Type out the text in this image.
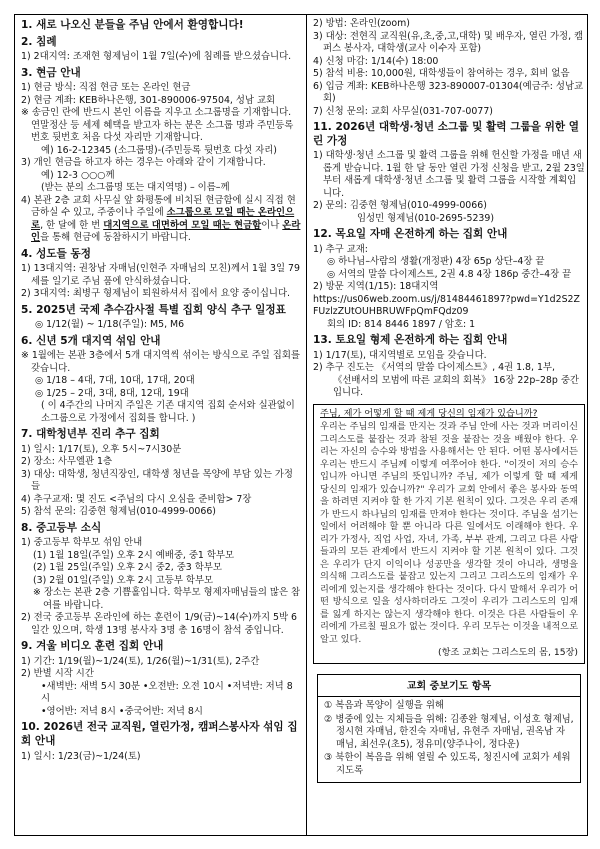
1. 새로 나오신 분들을 주님 안에서 환영합니다!
2. 침례
1) 2대지역: 조재현 형제님이 1월 7일(수)에 침례를 받으셨습니다.
3. 현금 안내
1) 현금 방식: 직접 현금 또는 온라인 현금
2) 현금 계좌: KEB하나은행, 301-890006-97504, 성남 교회
※ 송금인 란에 반드시 본인 이름을 지우고 소그룹명을 기재합니다. 연말정산 등 세제 혜택을 받고자 하는 분은 소그룹 명과 주민등록번호 뒷번호 처음 다섯 자리만 기재합니다.
예) 16-2-12345 (소그룹명)-(주민등록 뒷번호 다섯 자리)
3) 개인 현금을 하고자 하는 경우는 아래와 같이 기재합니다.
예) 12-3 ○○○께
(받는 분의 소그룹명 또는 대지역명) – 이름–께
4) 본관 2층 교회 사무실 앞 화평통에 비치된 현금함에 실시 직접 현금하실 수 있고, 주중이나 주일에 소그룹으로 모일 때는 온라인으로, 한 달에 한 번 대지역으로 대면하여 모일 때는 현금함이나 온라인을 통해 현금에 동참하시기 바랍니다.
4. 성도들 동정
1) 13대지역: 권창남 자매님(인현주 자매님의 모친)께서 1월 3일 79세를 일기로 주님 품에 안식하셨습니다.
2) 3대지역: 최병구 형제님이 퇴원하셔서 집에서 요양 중이십니다.
5. 2025년 국제 추수감사절 특별 집회 양식 추구 일정표
◎ 1/12(월) ~ 1/18(주일): M5, M6
6. 신년 5개 대지역 섞임 안내
※ 1월에는 본관 3층에서 5개 대지역씩 섞이는 방식으로 주일 집회를 갖습니다.
◎ 1/18 – 4대, 7대, 10대, 17대, 20대
◎ 1/25 – 2대, 3대, 8대, 12대, 19대
( 이 4주간의 나머지 주일은 기존 대지역 집회 순서와 실관없이 소그룹으로 가정에서 집회를 합니다. )
7. 대학청년부 진리 추구 집회
1) 일시: 1/17(토), 오후 5시~7시30분
2) 장소: 사무엘관 1층
3) 대상: 대학생, 청년직장인, 대학생 청년을 목양에 부담 있는 가정들
4) 추구교재: 몇 진도 <주님의 다시 오심을 준비함> 7장
5) 참석 문의: 김중현 형제님(010-4999-0066)
8. 중고등부 소식
1) 중고등부 학부모 섞임 안내
(1) 1월 18일(주일) 오후 2시 예배중, 중1 학부모
(2) 1월 25일(주일) 오후 2시 중2, 중3 학부모
(3) 2월 01일(주일) 오후 2시 고등부 학부모
※ 장소는 본관 2층 기쁨홀입니다. 학부모 형제자매님들의 많은 참여를 바랍니다.
2) 전국 중고등부 온라인에 하는 훈련이 1/9(금)~14(수)까지 5박 6일간 있으며, 학생 13명 봉사자 3명 총 16명이 참석 중입니다.
9. 겨울 비디오 훈련 집회 안내
1) 기간: 1/19(월)~1/24(토), 1/26(월)~1/31(토), 2주간
2) 반별 시작 시간
•새벽반: 새벽 5시 30분 •오전반: 오전 10시 •저녁반: 저녁 8시
•영어반: 저녁 8시 •중국어반: 저녁 8시
10. 2026년 전국 교직원, 열린가정, 캠퍼스봉사자 섞임 집회 안내
1) 일시: 1/23(금)~1/24(토)
2) 방법: 온라인(zoom)
3) 대상: 전현직 교직원(유,초,중,고,대학) 및 배우자, 열린 가정, 캠퍼스 봉사자, 대학생(교사 이수자 포함)
4) 신청 마감: 1/14(수) 18:00
5) 참석 비용: 10,000원, 대학생들이 참여하는 경우, 회비 없음
6) 입금 계좌: KEB하나은행 323-890007-01304(예금주: 성남교회)
7) 신청 문의: 교회 사무실(031-707-0077)
11. 2026년 대학생·청년 소그룹 및 활력 그룹을 위한 열린 가정
1) 대학생·청년 소그룹 및 활력 그룹을 위해 헌신할 가정을 매년 새롭게 받습니다. 1월 한 달 동안 열린 가정 신청을 받고, 2월 23일부터 새롭게 대학생·청년 소그룹 및 활력 그룹을 시작할 계획입니다.
2) 문의: 김중현 형제님(010-4999-0066)
임성민 형제님(010-2695-5239)
12. 목요일 자매 온전하게 하는 집회 안내
1) 추구 교재:
◎ 하나님–사람의 생활(개정판) 4장 65p 상단–4장 끝
◎ 서역의 말씀 다이제스트, 2권 4.8 4장 186p 중간–4장 끝
2) 방문 지역(1/15): 18대지역
https://us06web.zoom.us/j/81484461897?pwd=Y1d2S2ZFUzlzZUtOUHBRUWFpQmFQdz09
회의 ID: 814 8446 1897 / 암호: 1
13. 토요일 형제 온전하게 하는 집회 안내
1) 1/17(토), 대지역별로 모임을 갖습니다.
2) 추구 진도는 《서역의 말씀 다이제스트》, 4권 1.8, 1부,
《선배서의 모범에 따른 교회의 회복》 16장 22p–28p 중간입니다.
주님, 제가 어떻게 할 때 제게 당신의 임재가 있습니까?
우리는 주님의 임재를 만지는 것과 주님 안에 사는 것과 머리이신 그리스도를 붙잡는 것과 참된 것을 붙잡는 것을 배웠야 한다. 우리는 자신의 승수와 방법을 사용해서는 안 된다. 어떤 봉사에서든 우리는 반드시 주님께 이렇게 여쭈어야 한다. "이것이 저의 승수입니까 아니면 주님의 뜻입니까? 주님, 제가 이렇게 할 때 제게 당신의 임재가 있습니까?" 우리가 교회 안에서 좋은 봉사와 동역을 하려면 지켜야 할 한 가지 기본 원칙이 있다. 그것은 우리 존재가 반드시 하나님의 임재를 만져야 한다는 것이다. 주님을 섬기는 일에서 어려해야 할 뿐 아니라 다른 일에서도 이래해야 한다. 우리가 가정사, 직업 사업, 자녀, 가족, 부부 관계, 그리고 다른 사람들과의 모든 관계에서 반드시 지켜야 할 기본 원칙이 있다. 그것은 우리가 단지 이익이나 성공만을 생각할 것이 아니라, 생명을 의식해 그리스도를 붙잡고 있는지 그리고 그리스도의 임재가 우리에게 있는지를 생각해야 한다는 것이다. 다시 말해서 우리가 어떤 방식으로 일을 성사하더라도 그것이 우리가 그리스도의 임재를 잃게 하지는 않는지 생각해야 한다. 이것은 다른 사람들이 우리에게 가르칠 필요가 없는 것이다. 우리 모두는 이것을 내적으로 알고 있다.
(항조 교회는 그리스도의 몸, 15장)
교회 중보기도 항목
① 복음과 목양이 실행을 위해
② 병중에 있는 지체들을 위해: 김종완 형제님, 이성호 형제님, 정시현 자매님, 한진숙 자매님, 유현주 자매님, 권옥남 자매님, 최선우(초5), 정유미(양주나이, 정다운)
③ 북한이 복음을 위해 열릴 수 있도록, 청진시에 교회가 세워지도록
